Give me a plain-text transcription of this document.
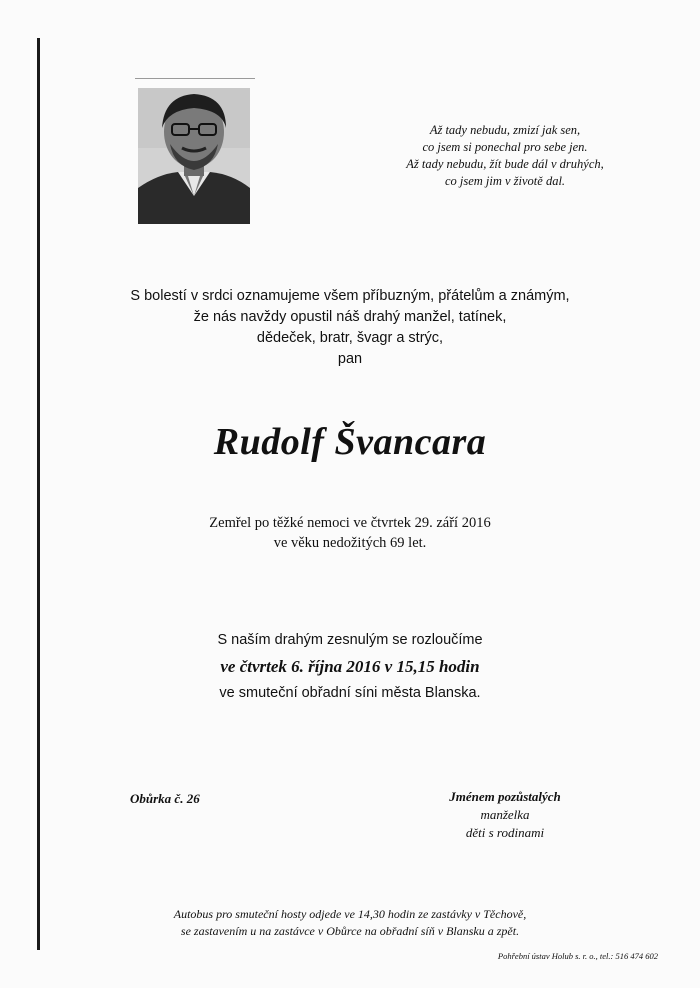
Až tady nebudu, zmizí jak sen,
co jsem si ponechal pro sebe jen.
Až tady nebudu, žít bude dál v druhých,
co jsem jim v životě dal.
S bolestí v srdci oznamujeme všem příbuzným, přátelům a známým,
že nás navždy opustil náš drahý manžel, tatínek,
dědeček, bratr, švagr a strýc,
pan
Rudolf Švancara
Zemřel po těžké nemoci ve čtvrtek 29. září 2016
ve věku nedožitých 69 let.
S naším drahým zesnulým se rozloučíme
ve čtvrtek 6. října 2016 v 15,15 hodin
ve smuteční obřadní síni města Blanska.
Obůrka č. 26	Jménem pozůstalých
manželka
děti s rodinami
Autobus pro smuteční hosty odjede ve 14,30 hodin ze zastávky v Těchově,
se zastavením u na zastávce v Obůrce na obřadní síň v Blansku a zpět.
Pohřební ústav Holub s. r. o., tel.: 516 474 602
